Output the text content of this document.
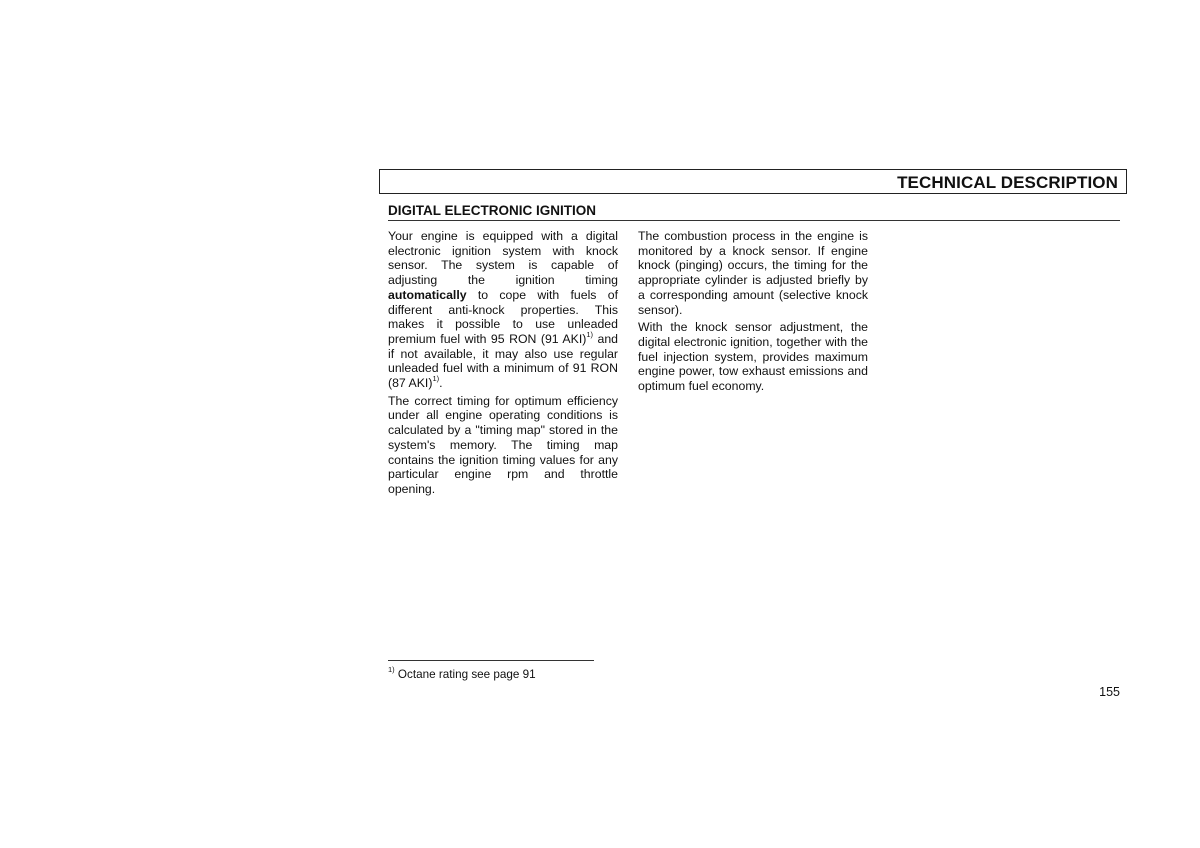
TECHNICAL DESCRIPTION
DIGITAL ELECTRONIC IGNITION

Your engine is equipped with a digital electronic ignition system with knock sensor. The system is capable of adjusting the ignition timing automatically to cope with fuels of different anti-knock properties. This makes it possible to use unleaded premium fuel with 95 RON (91 AKI)$^{1)}$ and if not available, it may also use regular unleaded fuel with a minimum of 91 RON (87 AKI)$^{1)}$.

The correct timing for optimum efficiency under all engine operating conditions is calculated by a "timing map" stored in the system's memory. The timing map contains the ignition timing values for any particular engine rpm and throttle opening.

The combustion process in the engine is monitored by a knock sensor. If engine knock (pinging) occurs, the timing for the appropriate cylinder is adjusted briefly by a corresponding amount (selective knock sensor).

With the knock sensor adjustment, the digital electronic ignition, together with the fuel injection system, provides maximum engine power, tow exhaust emissions and optimum fuel economy.

$^{1)}$ Octane rating see page 91
155
